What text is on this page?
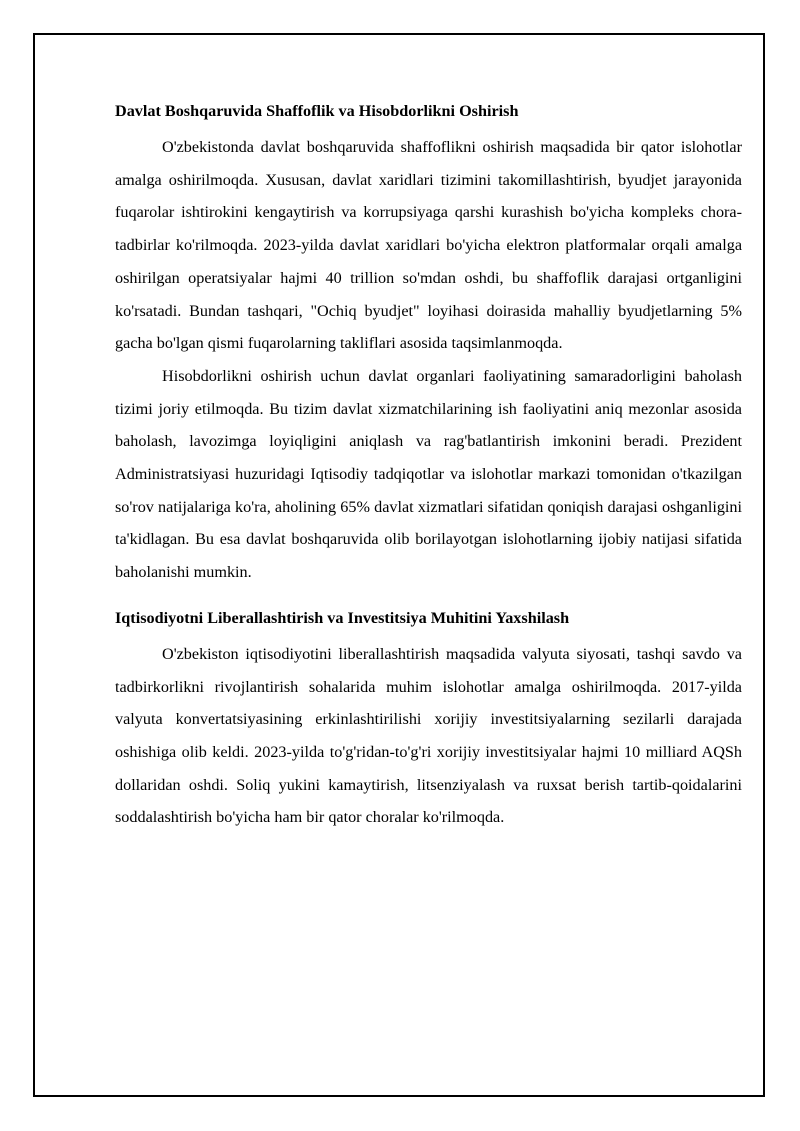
Davlat Boshqaruvida Shaffoflik va Hisobdorlikni Oshirish

O'zbekistonda davlat boshqaruvida shaffoflikni oshirish maqsadida bir qator islohotlar amalga oshirilmoqda. Xususan, davlat xaridlari tizimini takomillashtirish, byudjet jarayonida fuqarolar ishtirokini kengaytirish va korrupsiyaga qarshi kurashish bo'yicha kompleks chora-tadbirlar ko'rilmoqda. 2023-yilda davlat xaridlari bo'yicha elektron platformalar orqali amalga oshirilgan operatsiyalar hajmi 40 trillion so'mdan oshdi, bu shaffoflik darajasi ortganligini ko'rsatadi. Bundan tashqari, "Ochiq byudjet" loyihasi doirasida mahalliy byudjetlarning 5% gacha bo'lgan qismi fuqarolarning takliflari asosida taqsimlanmoqda.

Hisobdorlikni oshirish uchun davlat organlari faoliyatining samaradorligini baholash tizimi joriy etilmoqda. Bu tizim davlat xizmatchilarining ish faoliyatini aniq mezonlar asosida baholash, lavozimga loyiqligini aniqlash va rag'batlantirish imkonini beradi. Prezident Administratsiyasi huzuridagi Iqtisodiy tadqiqotlar va islohotlar markazi tomonidan o'tkazilgan so'rov natijalariga ko'ra, aholining 65% davlat xizmatlari sifatidan qoniqish darajasi oshganligini ta'kidlagan. Bu esa davlat boshqaruvida olib borilayotgan islohotlarning ijobiy natijasi sifatida baholanishi mumkin.

Iqtisodiyotni Liberallashtirish va Investitsiya Muhitini Yaxshilash

O'zbekiston iqtisodiyotini liberallashtirish maqsadida valyuta siyosati, tashqi savdo va tadbirkorlikni rivojlantirish sohalarida muhim islohotlar amalga oshirilmoqda. 2017-yilda valyuta konvertatsiyasining erkinlashtirilishi xorijiy investitsiyalarning sezilarli darajada oshishiga olib keldi. 2023-yilda to'g'ridan-to'g'ri xorijiy investitsiyalar hajmi 10 milliard AQSh dollaridan oshdi. Soliq yukini kamaytirish, litsenziyalash va ruxsat berish tartib-qoidalarini soddalashtirish bo'yicha ham bir qator choralar ko'rilmoqda.
